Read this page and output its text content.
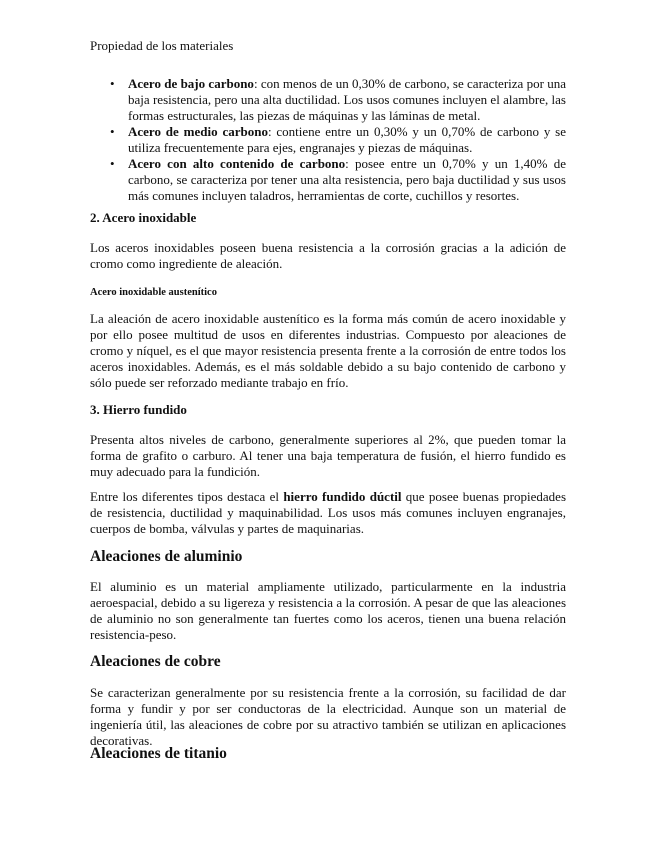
Propiedad de los materiales
• Acero de bajo carbono: con menos de un 0,30% de carbono, se caracteriza por una baja resistencia, pero una alta ductilidad. Los usos comunes incluyen el alambre, las formas estructurales, las piezas de máquinas y las láminas de metal.
• Acero de medio carbono: contiene entre un 0,30% y un 0,70% de carbono y se utiliza frecuentemente para ejes, engranajes y piezas de máquinas.
• Acero con alto contenido de carbono: posee entre un 0,70% y un 1,40% de carbono, se caracteriza por tener una alta resistencia, pero baja ductilidad y sus usos más comunes incluyen taladros, herramientas de corte, cuchillos y resortes.
2. Acero inoxidable

Los aceros inoxidables poseen buena resistencia a la corrosión gracias a la adición de cromo como ingrediente de aleación.

Acero inoxidable austenítico

La aleación de acero inoxidable austenítico es la forma más común de acero inoxidable y por ello posee multitud de usos en diferentes industrias. Compuesto por aleaciones de cromo y níquel, es el que mayor resistencia presenta frente a la corrosión de entre todos los aceros inoxidables. Además, es el más soldable debido a su bajo contenido de carbono y sólo puede ser reforzado mediante trabajo en frío.

3. Hierro fundido

Presenta altos niveles de carbono, generalmente superiores al 2%, que pueden tomar la forma de grafito o carburo. Al tener una baja temperatura de fusión, el hierro fundido es muy adecuado para la fundición.

Entre los diferentes tipos destaca el hierro fundido dúctil que posee buenas propiedades de resistencia, ductilidad y maquinabilidad. Los usos más comunes incluyen engranajes, cuerpos de bomba, válvulas y partes de maquinarias.

Aleaciones de aluminio

El aluminio es un material ampliamente utilizado, particularmente en la industria aeroespacial, debido a su ligereza y resistencia a la corrosión. A pesar de que las aleaciones de aluminio no son generalmente tan fuertes como los aceros, tienen una buena relación resistencia-peso.

Aleaciones de cobre

Se caracterizan generalmente por su resistencia frente a la corrosión, su facilidad de dar forma y fundir y por ser conductoras de la electricidad. Aunque son un material de ingeniería útil, las aleaciones de cobre por su atractivo también se utilizan en aplicaciones decorativas.

Aleaciones de titanio
